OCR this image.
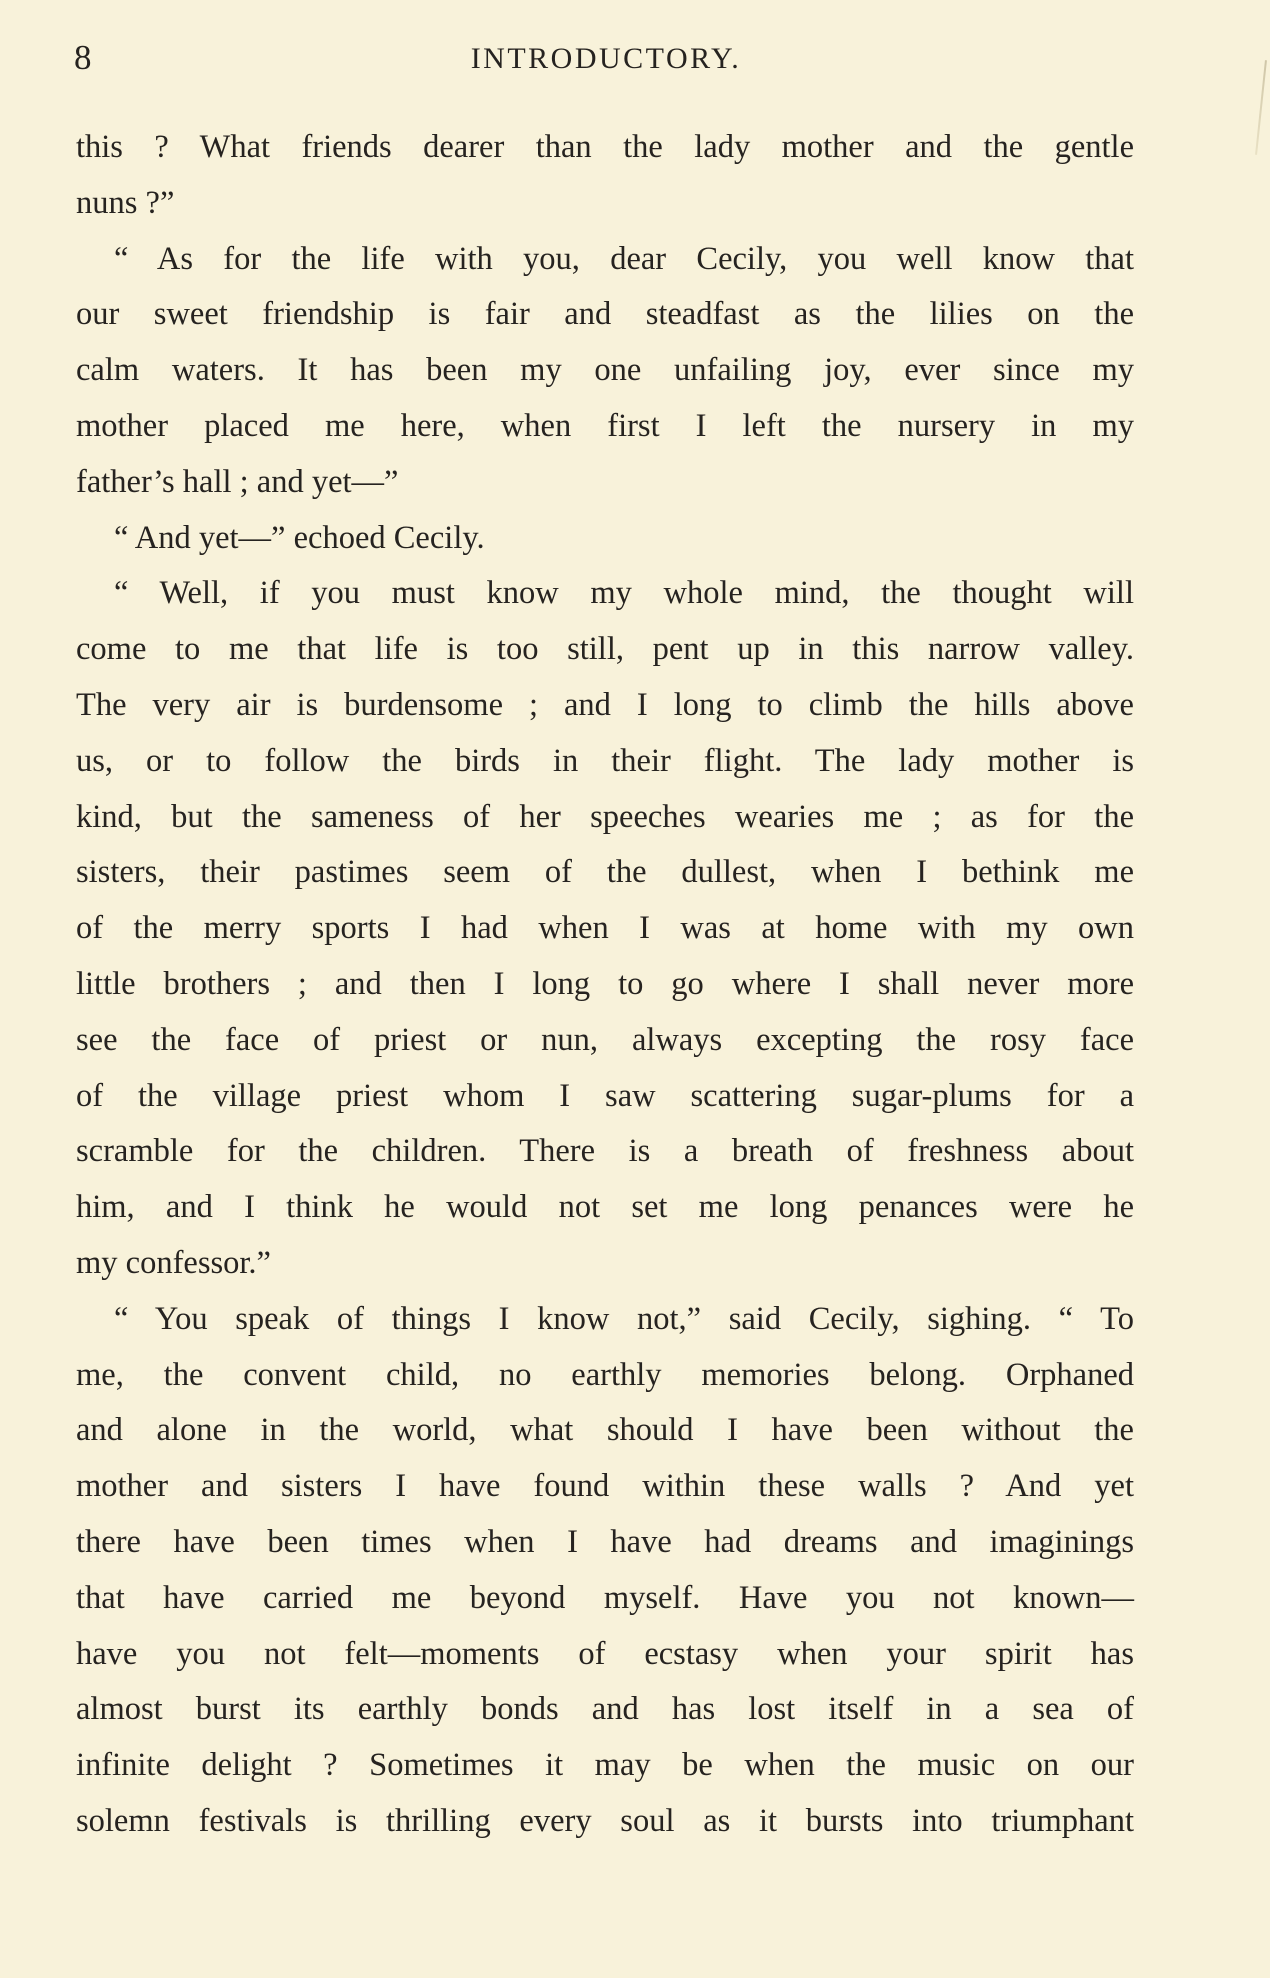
8	INTRODUCTORY.

this ? What friends dearer than the lady mother and the gentle
nuns ?”

“ As for the life with you, dear Cecily, you well know that
our sweet friendship is fair and steadfast as the lilies on the
calm waters. It has been my one unfailing joy, ever since my
mother placed me here, when first I left the nursery in my
father’s hall ; and yet—”

“ And yet—” echoed Cecily.

“ Well, if you must know my whole mind, the thought will
come to me that life is too still, pent up in this narrow valley.
The very air is burdensome ; and I long to climb the hills above
us, or to follow the birds in their flight. The lady mother is
kind, but the sameness of her speeches wearies me ; as for the
sisters, their pastimes seem of the dullest, when I bethink me
of the merry sports I had when I was at home with my own
little brothers ; and then I long to go where I shall never more
see the face of priest or nun, always excepting the rosy face
of the village priest whom I saw scattering sugar-plums for a
scramble for the children. There is a breath of freshness about
him, and I think he would not set me long penances were he
my confessor.”

“ You speak of things I know not,” said Cecily, sighing. “ To
me, the convent child, no earthly memories belong. Orphaned
and alone in the world, what should I have been without the
mother and sisters I have found within these walls ? And yet
there have been times when I have had dreams and imaginings
that have carried me beyond myself. Have you not known—
have you not felt—moments of ecstasy when your spirit has
almost burst its earthly bonds and has lost itself in a sea of
infinite delight ? Sometimes it may be when the music on our
solemn festivals is thrilling every soul as it bursts into triumphant
